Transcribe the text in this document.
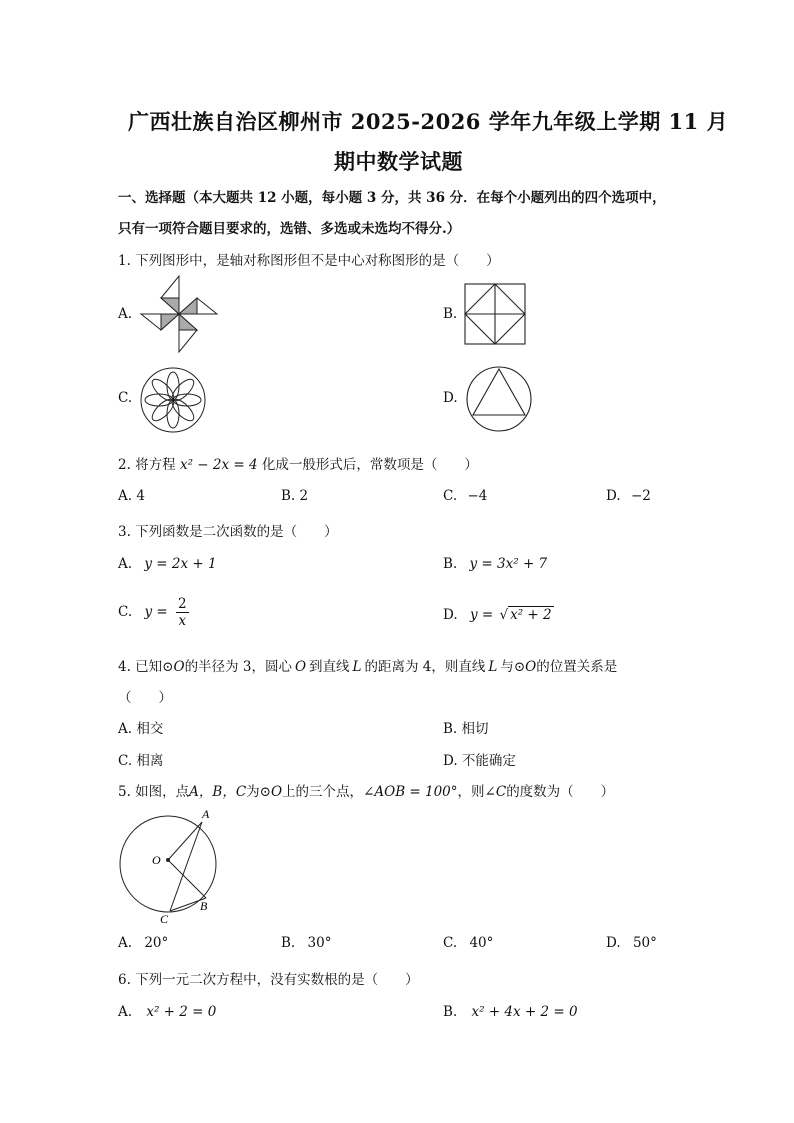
广西壮族自治区柳州市 2025-2026 学年九年级上学期 11 月
期中数学试题
一、选择题（本大题共 12 小题，每小题 3 分，共 36 分．在每个小题列出的四个选项中，
只有一项符合题目要求的，选错、多选或未选均不得分.）
1. 下列图形中，是轴对称图形但不是中心对称图形的是（　　）
A.	B.
C.	D.
2. 将方程 x² − 2x = 4 化成一般形式后，常数项是（　　）
A. 4	B. 2	C. −4	D. −2
3. 下列函数是二次函数的是（　　）
A. y = 2x + 1	B. y = 3x² + 7
C. $y = \frac{2}{x}$	D. y = √ x² + 2
4. 已知⊙O的半径为 3，圆心 O 到直线 L 的距离为 4，则直线 L 与⊙O的位置关系是
（　　）
A. 相交	B. 相切
C. 相离	D. 不能确定
5. 如图，点A，B，C为⊙O上的三个点，∠AOB = 100°，则∠C的度数为（　　）
A
O
B
C
A. 20°	B. 30°	C. 40°	D. 50°
6. 下列一元二次方程中，没有实数根的是（　　）
A. x² + 2 = 0	B. x² + 4x + 2 = 0
